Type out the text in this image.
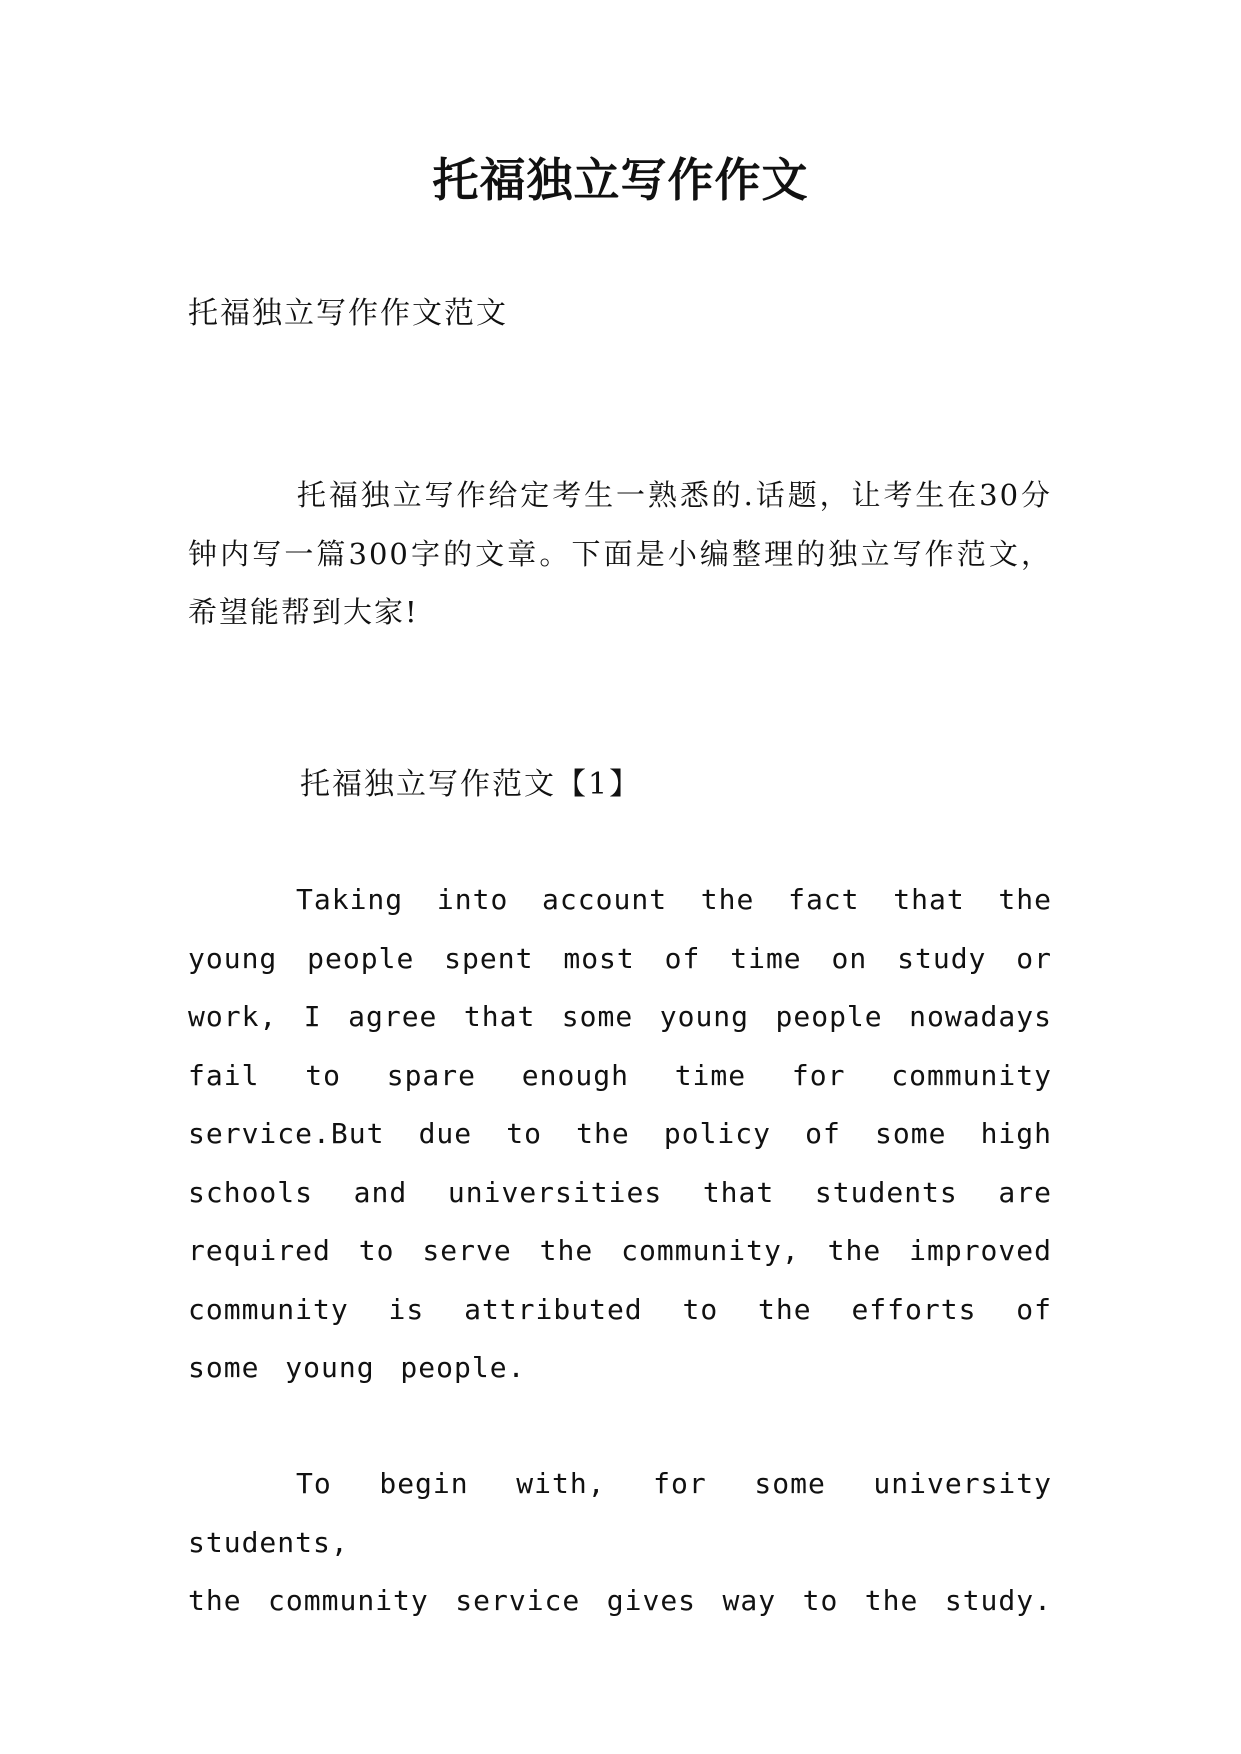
托福独立写作作文

托福独立写作作文范文

托福独立写作给定考生一熟悉的.话题，让考生在30分钟内写一篇300字的文章。下面是小编整理的独立写作范文，希望能帮到大家!

托福独立写作范文【1】

Taking into account the fact that the young people spent most of time on study or work, I agree that some young people nowadays fail to spare enough time for community service.But due to the policy of some high schools and universities that students are required to serve the community, the improved community is attributed to the efforts of some young people.

To begin with, for some university students,
the community service gives way to the study.
